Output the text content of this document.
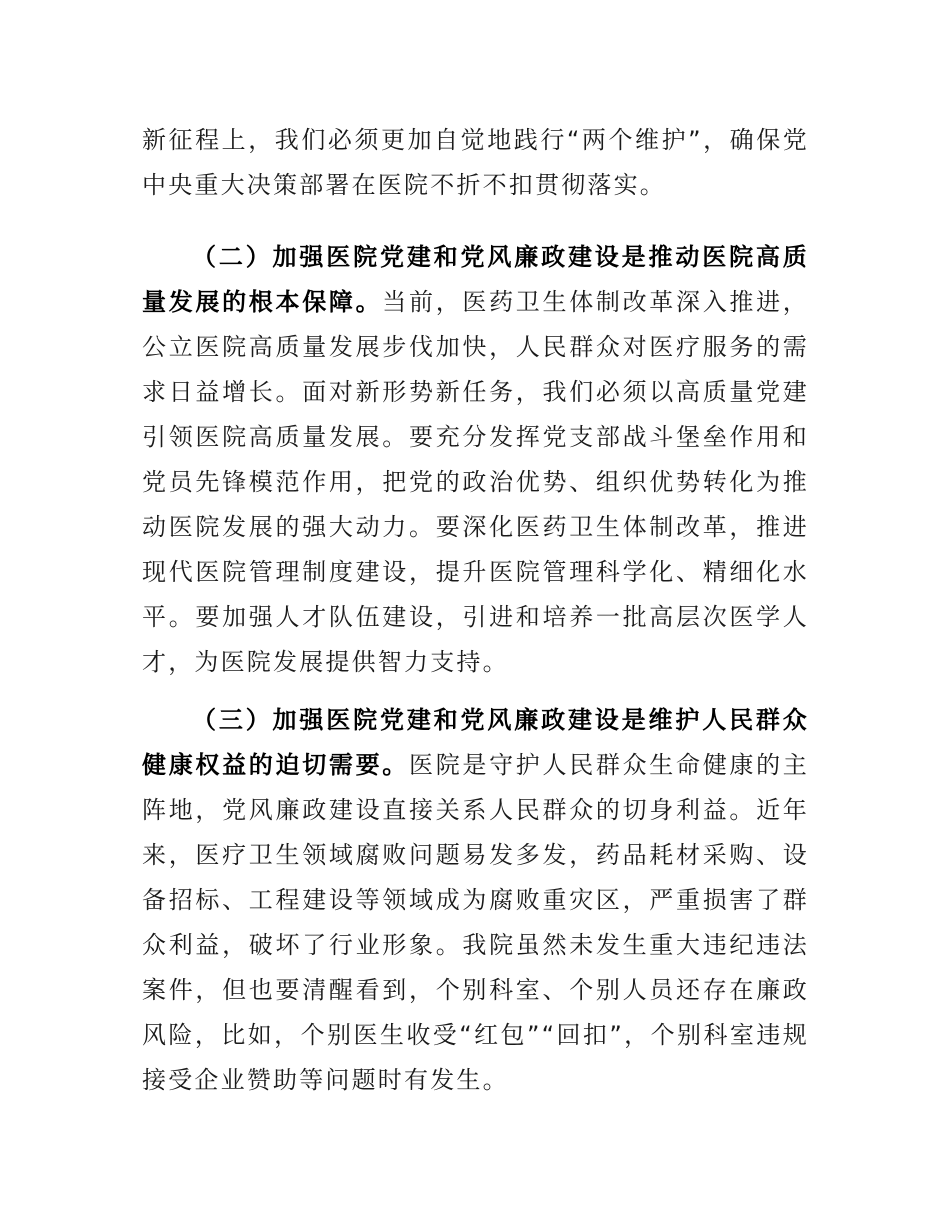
新征程上，我们必须更加自觉地践行“两个维护”，确保党中央重大决策部署在医院不折不扣贯彻落实。

（二）加强医院党建和党风廉政建设是推动医院高质量发展的根本保障。当前，医药卫生体制改革深入推进，公立医院高质量发展步伐加快，人民群众对医疗服务的需求日益增长。面对新形势新任务，我们必须以高质量党建引领医院高质量发展。要充分发挥党支部战斗堡垒作用和党员先锋模范作用，把党的政治优势、组织优势转化为推动医院发展的强大动力。要深化医药卫生体制改革，推进现代医院管理制度建设，提升医院管理科学化、精细化水平。要加强人才队伍建设，引进和培养一批高层次医学人才，为医院发展提供智力支持。

（三）加强医院党建和党风廉政建设是维护人民群众健康权益的迫切需要。医院是守护人民群众生命健康的主阵地，党风廉政建设直接关系人民群众的切身利益。近年来，医疗卫生领域腐败问题易发多发，药品耗材采购、设备招标、工程建设等领域成为腐败重灾区，严重损害了群众利益，破坏了行业形象。我院虽然未发生重大违纪违法案件，但也要清醒看到，个别科室、个别人员还存在廉政风险，比如，个别医生收受“红包”“回扣”，个别科室违规接受企业赞助等问题时有发生。
